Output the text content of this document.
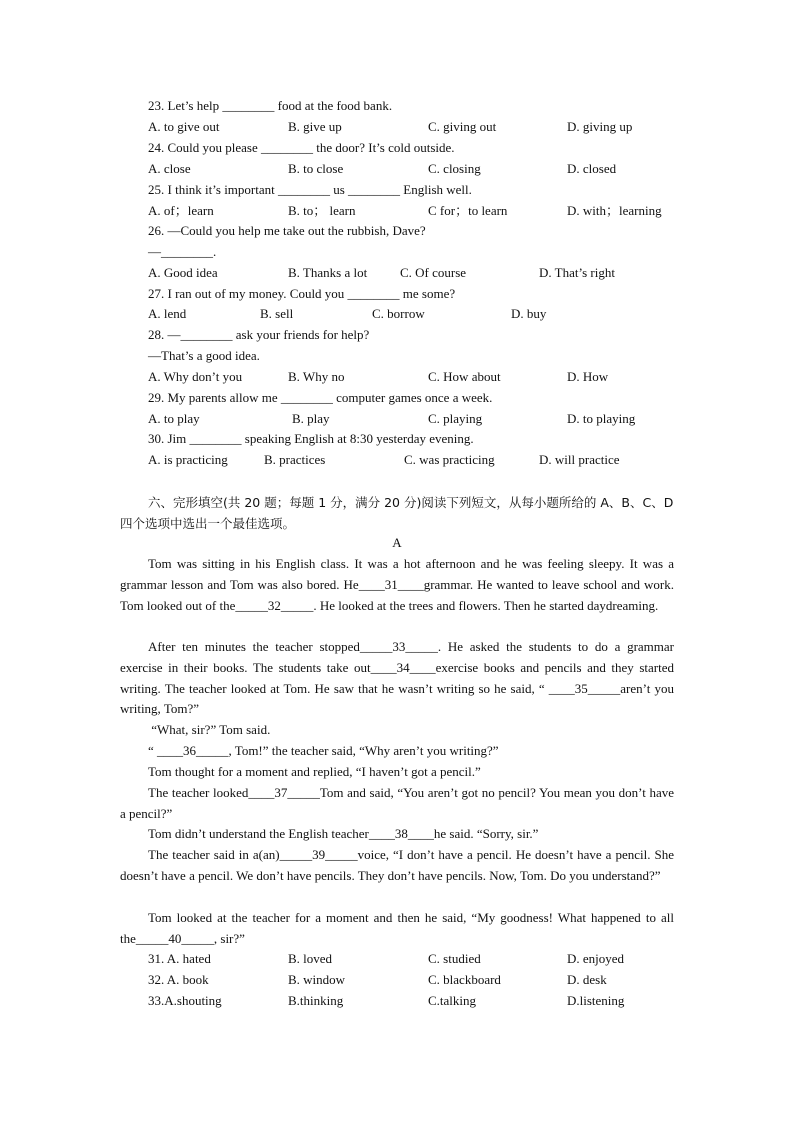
23. Let’s help ________ food at the food bank.
A. to give out	B. give up	C. giving out	D. giving up
24. Could you please ________ the door? It’s cold outside.
A. close	B. to close	C. closing	D. closed
25. I think it’s important ________ us ________ English well.
A. of；learn	B. to； learn	C for；to learn	D. with；learning
26. —Could you help me take out the rubbish, Dave?
—________.
A. Good idea	B. Thanks a lot	C. Of course	D. That’s right
27. I ran out of my money. Could you ________ me some?
A. lend	B. sell	C. borrow	D. buy
28. —________ ask your friends for help?
—That’s a good idea.
A. Why don’t you	B. Why no	C. How about	D. How
29. My parents allow me ________ computer games once a week.
A. to play	B. play	C. playing	D. to playing
30. Jim ________ speaking English at 8:30 yesterday evening.
A. is practicing	B. practices	C. was practicing	D. will practice
六、完形填空(共 20 题；每题 1 分，满分 20 分)阅读下列短文，从每小题所给的 A、B、C、D 四个选项中选出一个最佳选项。
A
Tom was sitting in his English class. It was a hot afternoon and he was feeling sleepy. It was a grammar lesson and Tom was also bored. He____31____grammar. He wanted to leave school and work. Tom looked out of the_____32_____. He looked at the trees and flowers. Then he started daydreaming.
After ten minutes the teacher stopped_____33_____. He asked the students to do a grammar exercise in their books. The students take out____34____exercise books and pencils and they started writing. The teacher looked at Tom. He saw that he wasn’t writing so he said, “ ____35_____aren’t you writing, Tom?”
“What, sir?” Tom said.
“ ____36_____, Tom!” the teacher said, “Why aren’t you writing?”
Tom thought for a moment and replied, “I haven’t got a pencil.”
The teacher looked____37_____Tom and said, “You aren’t got no pencil? You mean you don’t have a pencil?”
Tom didn’t understand the English teacher____38____he said. “Sorry, sir.”
The teacher said in a(an)_____39_____voice, “I don’t have a pencil. He doesn’t have a pencil. She doesn’t have a pencil. We don’t have pencils. They don’t have pencils. Now, Tom. Do you understand?”
Tom looked at the teacher for a moment and then he said, “My goodness! What happened to all the_____40_____, sir?”
31. A. hated	B. loved	C. studied	D. enjoyed
32. A. book	B. window	C. blackboard	D. desk
33.A.shouting	B.thinking	C.talking	D.listening
